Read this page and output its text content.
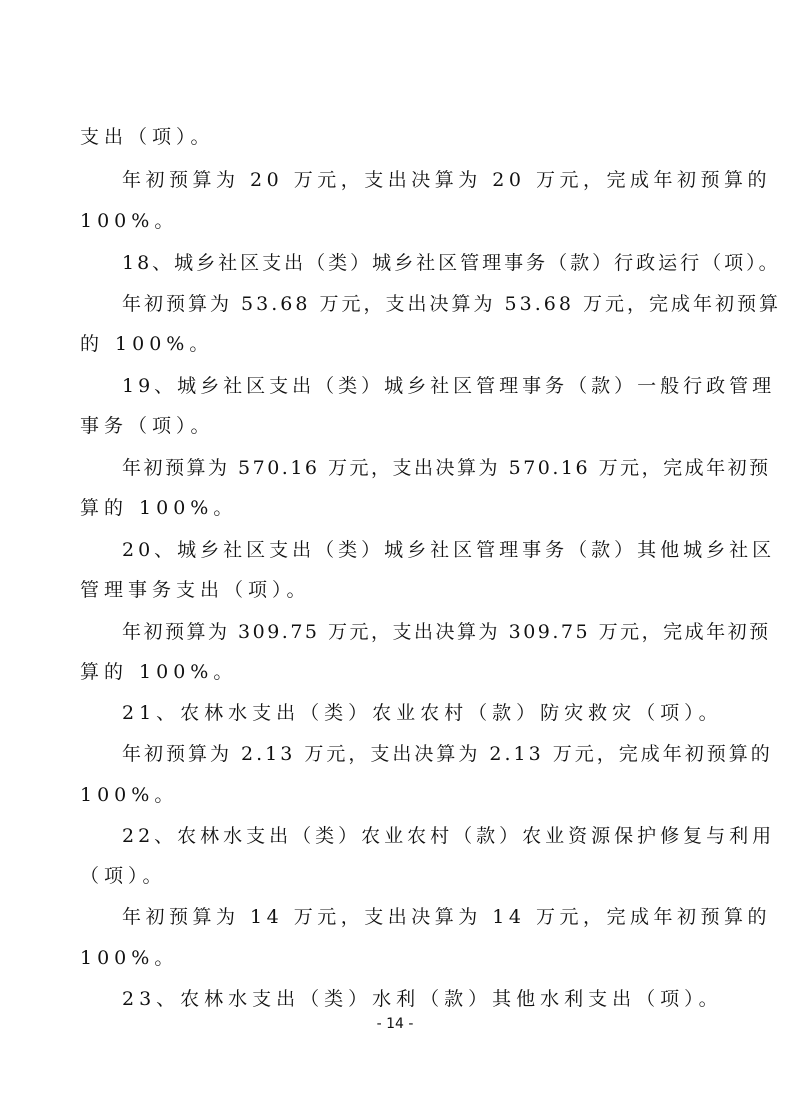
支出（项）。
年初预算为 20 万元，支出决算为 20 万元，完成年初预算的
100%。
18、城乡社区支出（类）城乡社区管理事务（款）行政运行（项）。
年初预算为 53.68 万元，支出决算为 53.68 万元，完成年初预算
的 100%。
19、城乡社区支出（类）城乡社区管理事务（款）一般行政管理
事务（项）。
年初预算为 570.16 万元，支出决算为 570.16 万元，完成年初预
算的 100%。
20、城乡社区支出（类）城乡社区管理事务（款）其他城乡社区
管理事务支出（项）。
年初预算为 309.75 万元，支出决算为 309.75 万元，完成年初预
算的 100%。
21、农林水支出（类）农业农村（款）防灾救灾（项）。
年初预算为 2.13 万元，支出决算为 2.13 万元，完成年初预算的
100%。
22、农林水支出（类）农业农村（款）农业资源保护修复与利用
（项）。
年初预算为 14 万元，支出决算为 14 万元，完成年初预算的
100%。
23、农林水支出（类）水利（款）其他水利支出（项）。
- 14 -
